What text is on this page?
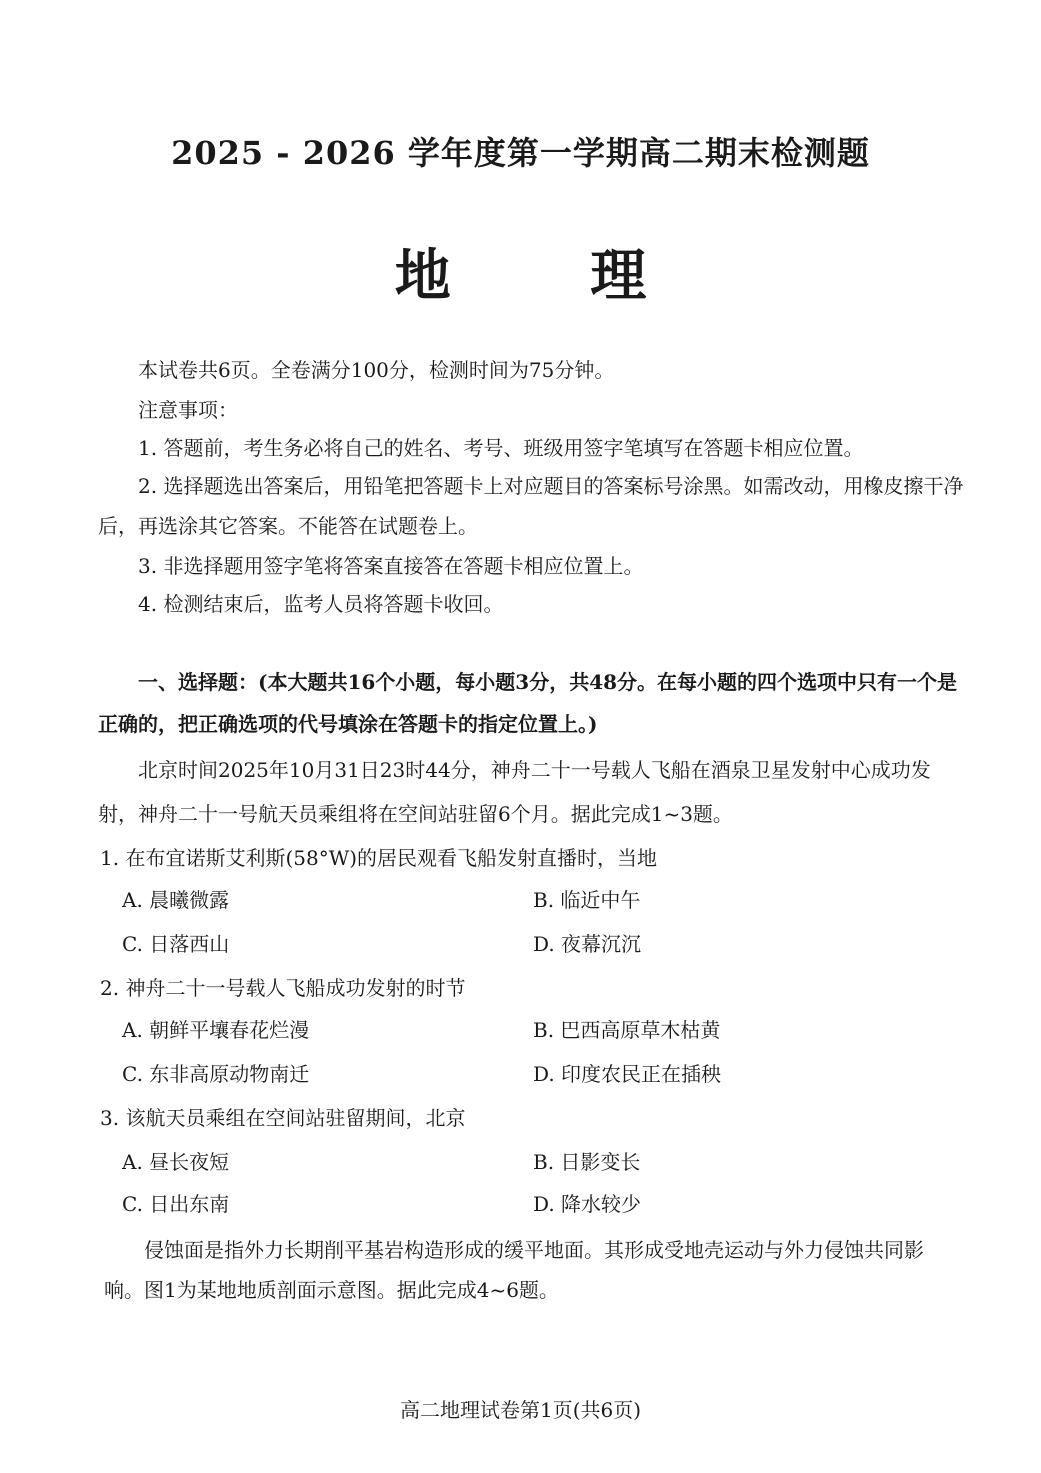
2025 - 2026 学年度第一学期高二期末检测题
地 理
本试卷共6页。全卷满分100分，检测时间为75分钟。
注意事项：
1. 答题前，考生务必将自己的姓名、考号、班级用签字笔填写在答题卡相应位置。
2. 选择题选出答案后，用铅笔把答题卡上对应题目的答案标号涂黑。如需改动，用橡皮擦干净
后，再选涂其它答案。不能答在试题卷上。
3. 非选择题用签字笔将答案直接答在答题卡相应位置上。
4. 检测结束后，监考人员将答题卡收回。
一、选择题：(本大题共16个小题，每小题3分，共48分。在每小题的四个选项中只有一个是
正确的，把正确选项的代号填涂在答题卡的指定位置上。)
北京时间2025年10月31日23时44分，神舟二十一号载人飞船在酒泉卫星发射中心成功发
射，神舟二十一号航天员乘组将在空间站驻留6个月。据此完成1~3题。
1. 在布宜诺斯艾利斯(58°W)的居民观看飞船发射直播时，当地
A. 晨曦微露	B. 临近中午
C. 日落西山	D. 夜幕沉沉
2. 神舟二十一号载人飞船成功发射的时节
A. 朝鲜平壤春花烂漫	B. 巴西高原草木枯黄
C. 东非高原动物南迁	D. 印度农民正在插秧
3. 该航天员乘组在空间站驻留期间，北京
A. 昼长夜短	B. 日影变长
C. 日出东南	D. 降水较少
侵蚀面是指外力长期削平基岩构造形成的缓平地面。其形成受地壳运动与外力侵蚀共同影
响。图1为某地地质剖面示意图。据此完成4~6题。
高二地理试卷第1页(共6页)
